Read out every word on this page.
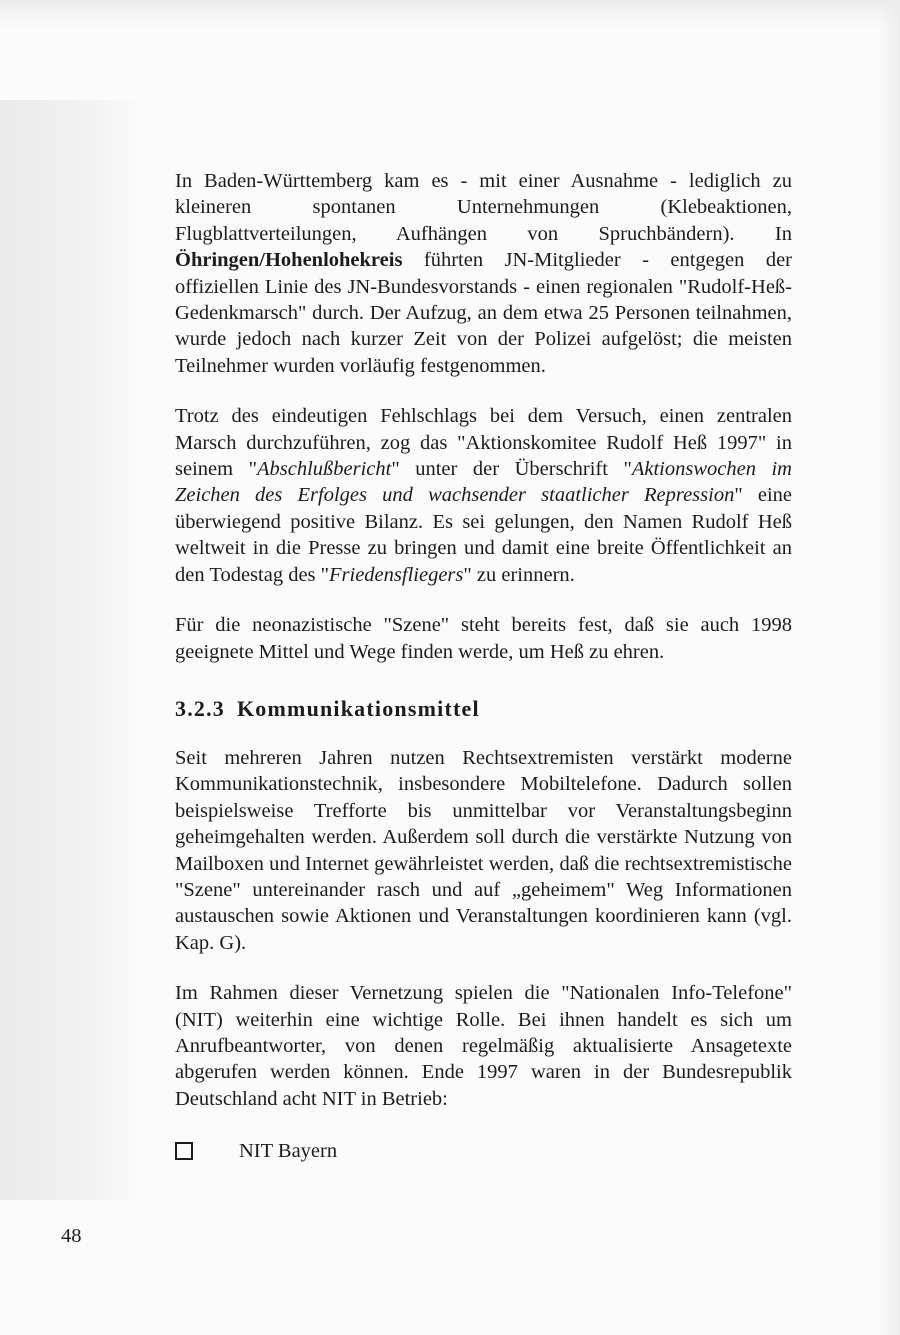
In Baden-Württemberg kam es - mit einer Ausnahme - lediglich zu kleineren spontanen Unternehmungen (Klebeaktionen, Flugblattverteilungen, Aufhängen von Spruchbändern). In Öhringen/Hohenlohekreis führten JN-Mitglieder - entgegen der offiziellen Linie des JN-Bundesvorstands - einen regionalen "Rudolf-Heß-Gedenkmarsch" durch. Der Aufzug, an dem etwa 25 Personen teilnahmen, wurde jedoch nach kurzer Zeit von der Polizei aufgelöst; die meisten Teilnehmer wurden vorläufig festgenommen.

Trotz des eindeutigen Fehlschlags bei dem Versuch, einen zentralen Marsch durchzuführen, zog das "Aktionskomitee Rudolf Heß 1997" in seinem "Abschlußbericht" unter der Überschrift "Aktionswochen im Zeichen des Erfolges und wachsender staatlicher Repression" eine überwiegend positive Bilanz. Es sei gelungen, den Namen Rudolf Heß weltweit in die Presse zu bringen und damit eine breite Öffentlichkeit an den Todestag des "Friedensfliegers" zu erinnern.

Für die neonazistische "Szene" steht bereits fest, daß sie auch 1998 geeignete Mittel und Wege finden werde, um Heß zu ehren.

3.2.3 Kommunikationsmittel

Seit mehreren Jahren nutzen Rechtsextremisten verstärkt moderne Kommunikationstechnik, insbesondere Mobiltelefone. Dadurch sollen beispielsweise Trefforte bis unmittelbar vor Veranstaltungsbeginn geheimgehalten werden. Außerdem soll durch die verstärkte Nutzung von Mailboxen und Internet gewährleistet werden, daß die rechtsextremistische "Szene" untereinander rasch und auf „geheimem" Weg Informationen austauschen sowie Aktionen und Veranstaltungen koordinieren kann (vgl. Kap. G).

Im Rahmen dieser Vernetzung spielen die "Nationalen Info-Telefone" (NIT) weiterhin eine wichtige Rolle. Bei ihnen handelt es sich um Anrufbeantworter, von denen regelmäßig aktualisierte Ansagetexte abgerufen werden können. Ende 1997 waren in der Bundesrepublik Deutschland acht NIT in Betrieb:

NIT Bayern
48
